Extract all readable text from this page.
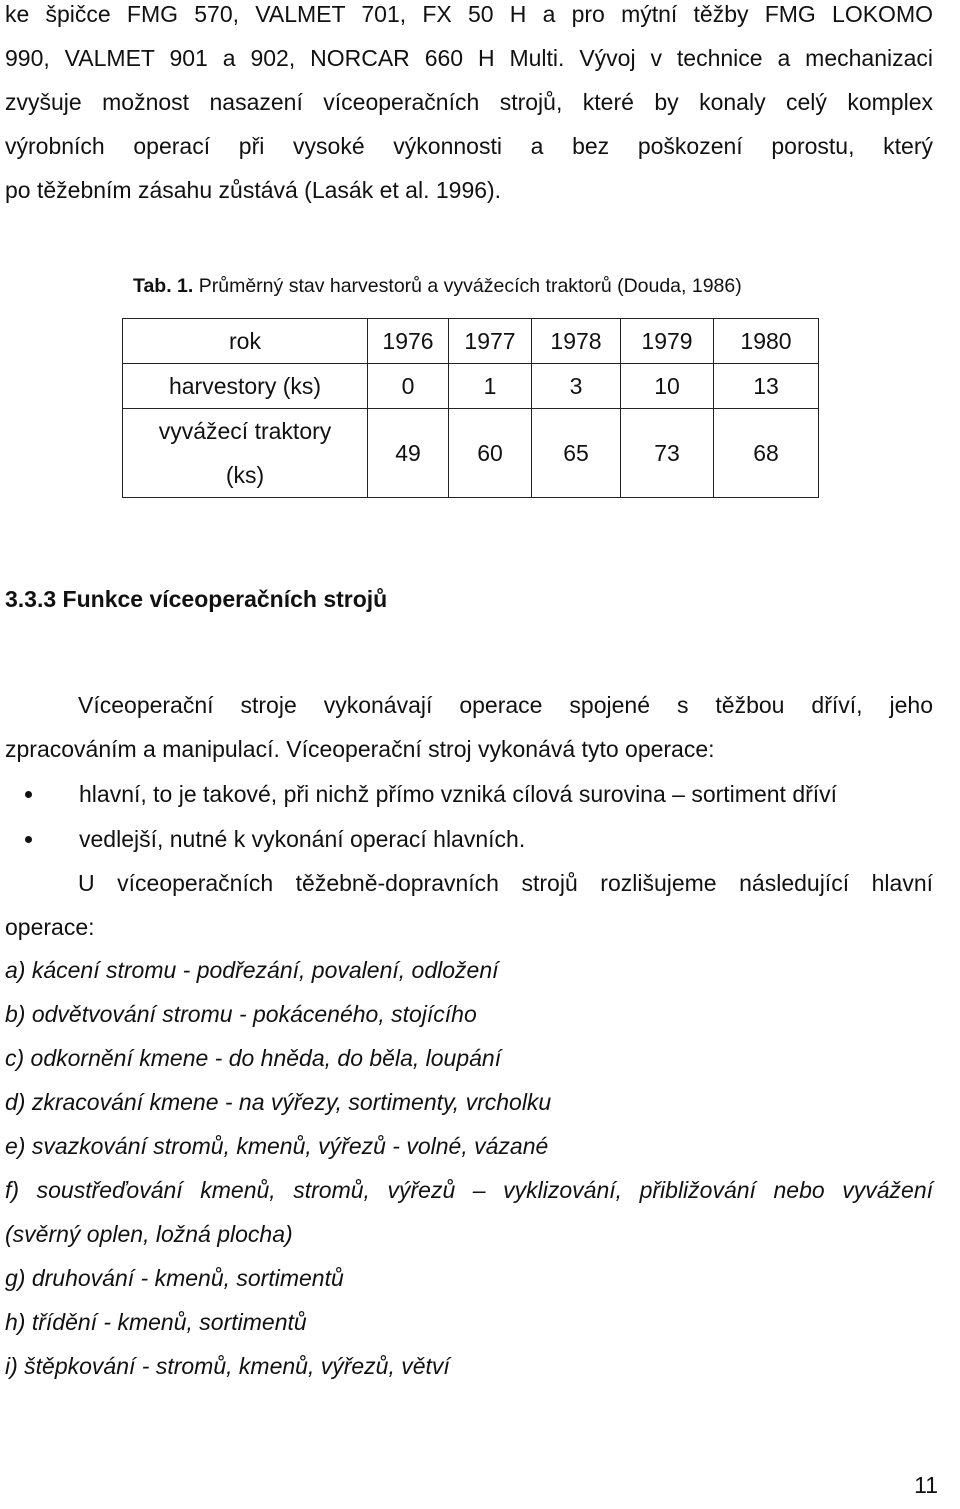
ke špičce FMG 570, VALMET 701, FX 50 H a pro mýtní těžby FMG LOKOMO
990, VALMET 901 a 902, NORCAR 660 H Multi. Vývoj v technice a mechanizaci
zvyšuje možnost nasazení víceoperačních strojů, které by konaly celý komplex
výrobních operací při vysoké výkonnosti a bez poškození porostu, který
po těžebním zásahu zůstává (Lasák et al. 1996).
Tab. 1. Průměrný stav harvestorů a vyvážecích traktorů (Douda, 1986)
rok	1976	1977	1978	1979	1980
harvestory (ks)	0	1	3	10	13

vyvážecí traktory
(ks)	49	60	65	73	68
3.3.3 Funkce víceoperačních strojů
Víceoperační stroje vykonávají operace spojené s těžbou dříví, jeho
zpracováním a manipulací. Víceoperační stroj vykonává tyto operace:
hlavní, to je takové, při nichž přímo vzniká cílová surovina – sortiment dříví
vedlejší, nutné k vykonání operací hlavních.
U víceoperačních těžebně-dopravních strojů rozlišujeme následující hlavní
operace:
a) kácení stromu - podřezání, povalení, odložení
b) odvětvování stromu - pokáceného, stojícího
c) odkornění kmene - do hněda, do běla, loupání
d) zkracování kmene - na výřezy, sortimenty, vrcholku
e) svazkování stromů, kmenů, výřezů - volné, vázané
f) soustřeďování kmenů, stromů, výřezů – vyklizování, přibližování nebo vyvážení
(svěrný oplen, ložná plocha)
g) druhování - kmenů, sortimentů
h) třídění - kmenů, sortimentů
i) štěpkování - stromů, kmenů, výřezů, větví
11
